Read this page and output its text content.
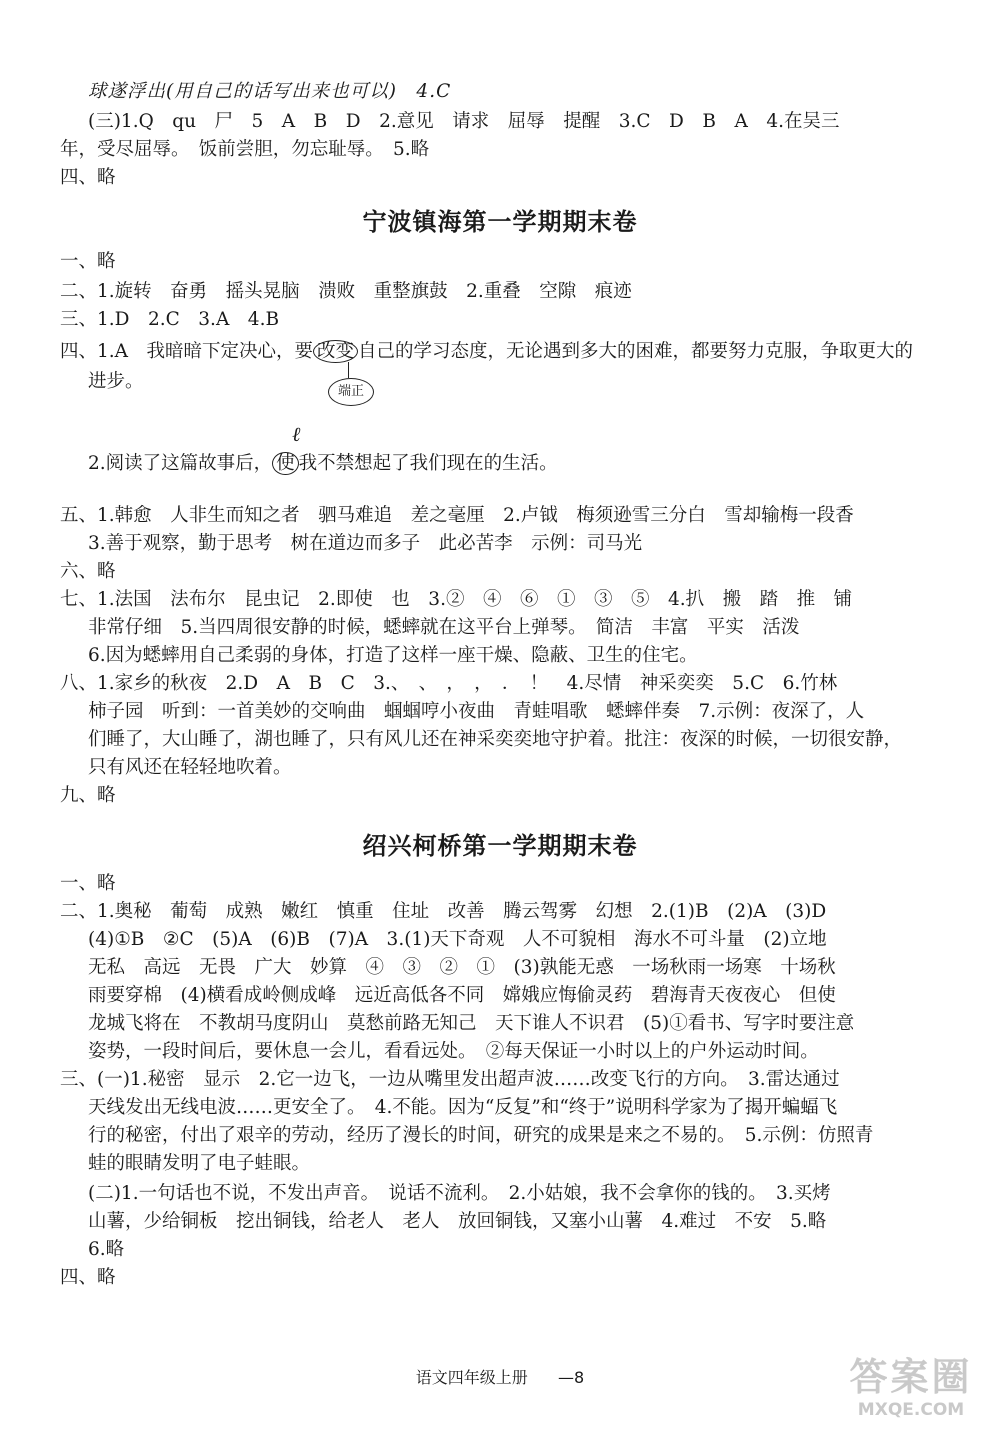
球遂浮出(用自己的话写出来也可以)　4.C
(三)1.Q　qu　尸　5　A　B　D　2.意见　请求　屈辱　提醒　3.C　D　B　A　4.在吴三
年，受尽屈辱。　饭前尝胆，勿忘耻辱。　5.略
四、略
宁波镇海第一学期期末卷
一、略
二、1.旋转　奋勇　摇头晃脑　溃败　重整旗鼓　2.重叠　空隙　痕迹
三、1.D　2.C　3.A　4.B
四、1.A　我暗暗下定决心，要 改变 自己的学习态度，无论遇到多大的困难，都要努力克服，争取更大的
进步。	端正
ℓ
2.阅读了这篇故事后， 使 我不禁想起了我们现在的生活。
五、1.韩愈　人非生而知之者　驷马难追　差之毫厘　2.卢钺　梅须逊雪三分白　雪却输梅一段香
3.善于观察，勤于思考　树在道边而多子　此必苦李　示例：司马光
六、略
七、1.法国　法布尔　昆虫记　2.即使　也　3.②　④　⑥　①　③　⑤　4.扒　搬　踏　推　铺
非常仔细　5.当四周很安静的时候，蟋蟀就在这平台上弹琴。　简洁　丰富　平实　活泼
6.因为蟋蟀用自己柔弱的身体，打造了这样一座干燥、隐蔽、卫生的住宅。
八、1.家乡的秋夜　2.D　A　B　C　3.、　、　，　，　．　！　4.尽情　神采奕奕　5.C　6.竹林
柿子园　听到：一首美妙的交响曲　蝈蝈哼小夜曲　青蛙唱歌　蟋蟀伴奏　7.示例：夜深了，人
们睡了，大山睡了，湖也睡了，只有风儿还在神采奕奕地守护着。批注：夜深的时候，一切很安静，
只有风还在轻轻地吹着。
九、略
绍兴柯桥第一学期期末卷
一、略
二、1.奥秘　葡萄　成熟　嫩红　慎重　住址　改善　腾云驾雾　幻想　2.(1)B　(2)A　(3)D
(4)①B　②C　(5)A　(6)B　(7)A　3.(1)天下奇观　人不可貌相　海水不可斗量　(2)立地
无私　高远　无畏　广大　妙算　④　③　②　①　(3)孰能无惑　一场秋雨一场寒　十场秋
雨要穿棉　(4)横看成岭侧成峰　远近高低各不同　嫦娥应悔偷灵药　碧海青天夜夜心　但使
龙城飞将在　不教胡马度阴山　莫愁前路无知己　天下谁人不识君　(5)①看书、写字时要注意
姿势，一段时间后，要休息一会儿，看看远处。　②每天保证一小时以上的户外运动时间。
三、(一)1.秘密　显示　2.它一边飞，一边从嘴里发出超声波……改变飞行的方向。　3.雷达通过
天线发出无线电波……更安全了。　4.不能。因为“反复”和“终于”说明科学家为了揭开蝙蝠飞
行的秘密，付出了艰辛的劳动，经历了漫长的时间，研究的成果是来之不易的。　5.示例：仿照青
蛙的眼睛发明了电子蛙眼。
(二)1.一句话也不说，不发出声音。　说话不流利。　2.小姑娘，我不会拿你的钱的。　3.买烤
山薯，少给铜板　挖出铜钱，给老人　老人　放回铜钱，又塞小山薯　4.难过　不安　5.略
6.略
四、略
语文四年级上册 —8	答案圈
MXQE.COM
